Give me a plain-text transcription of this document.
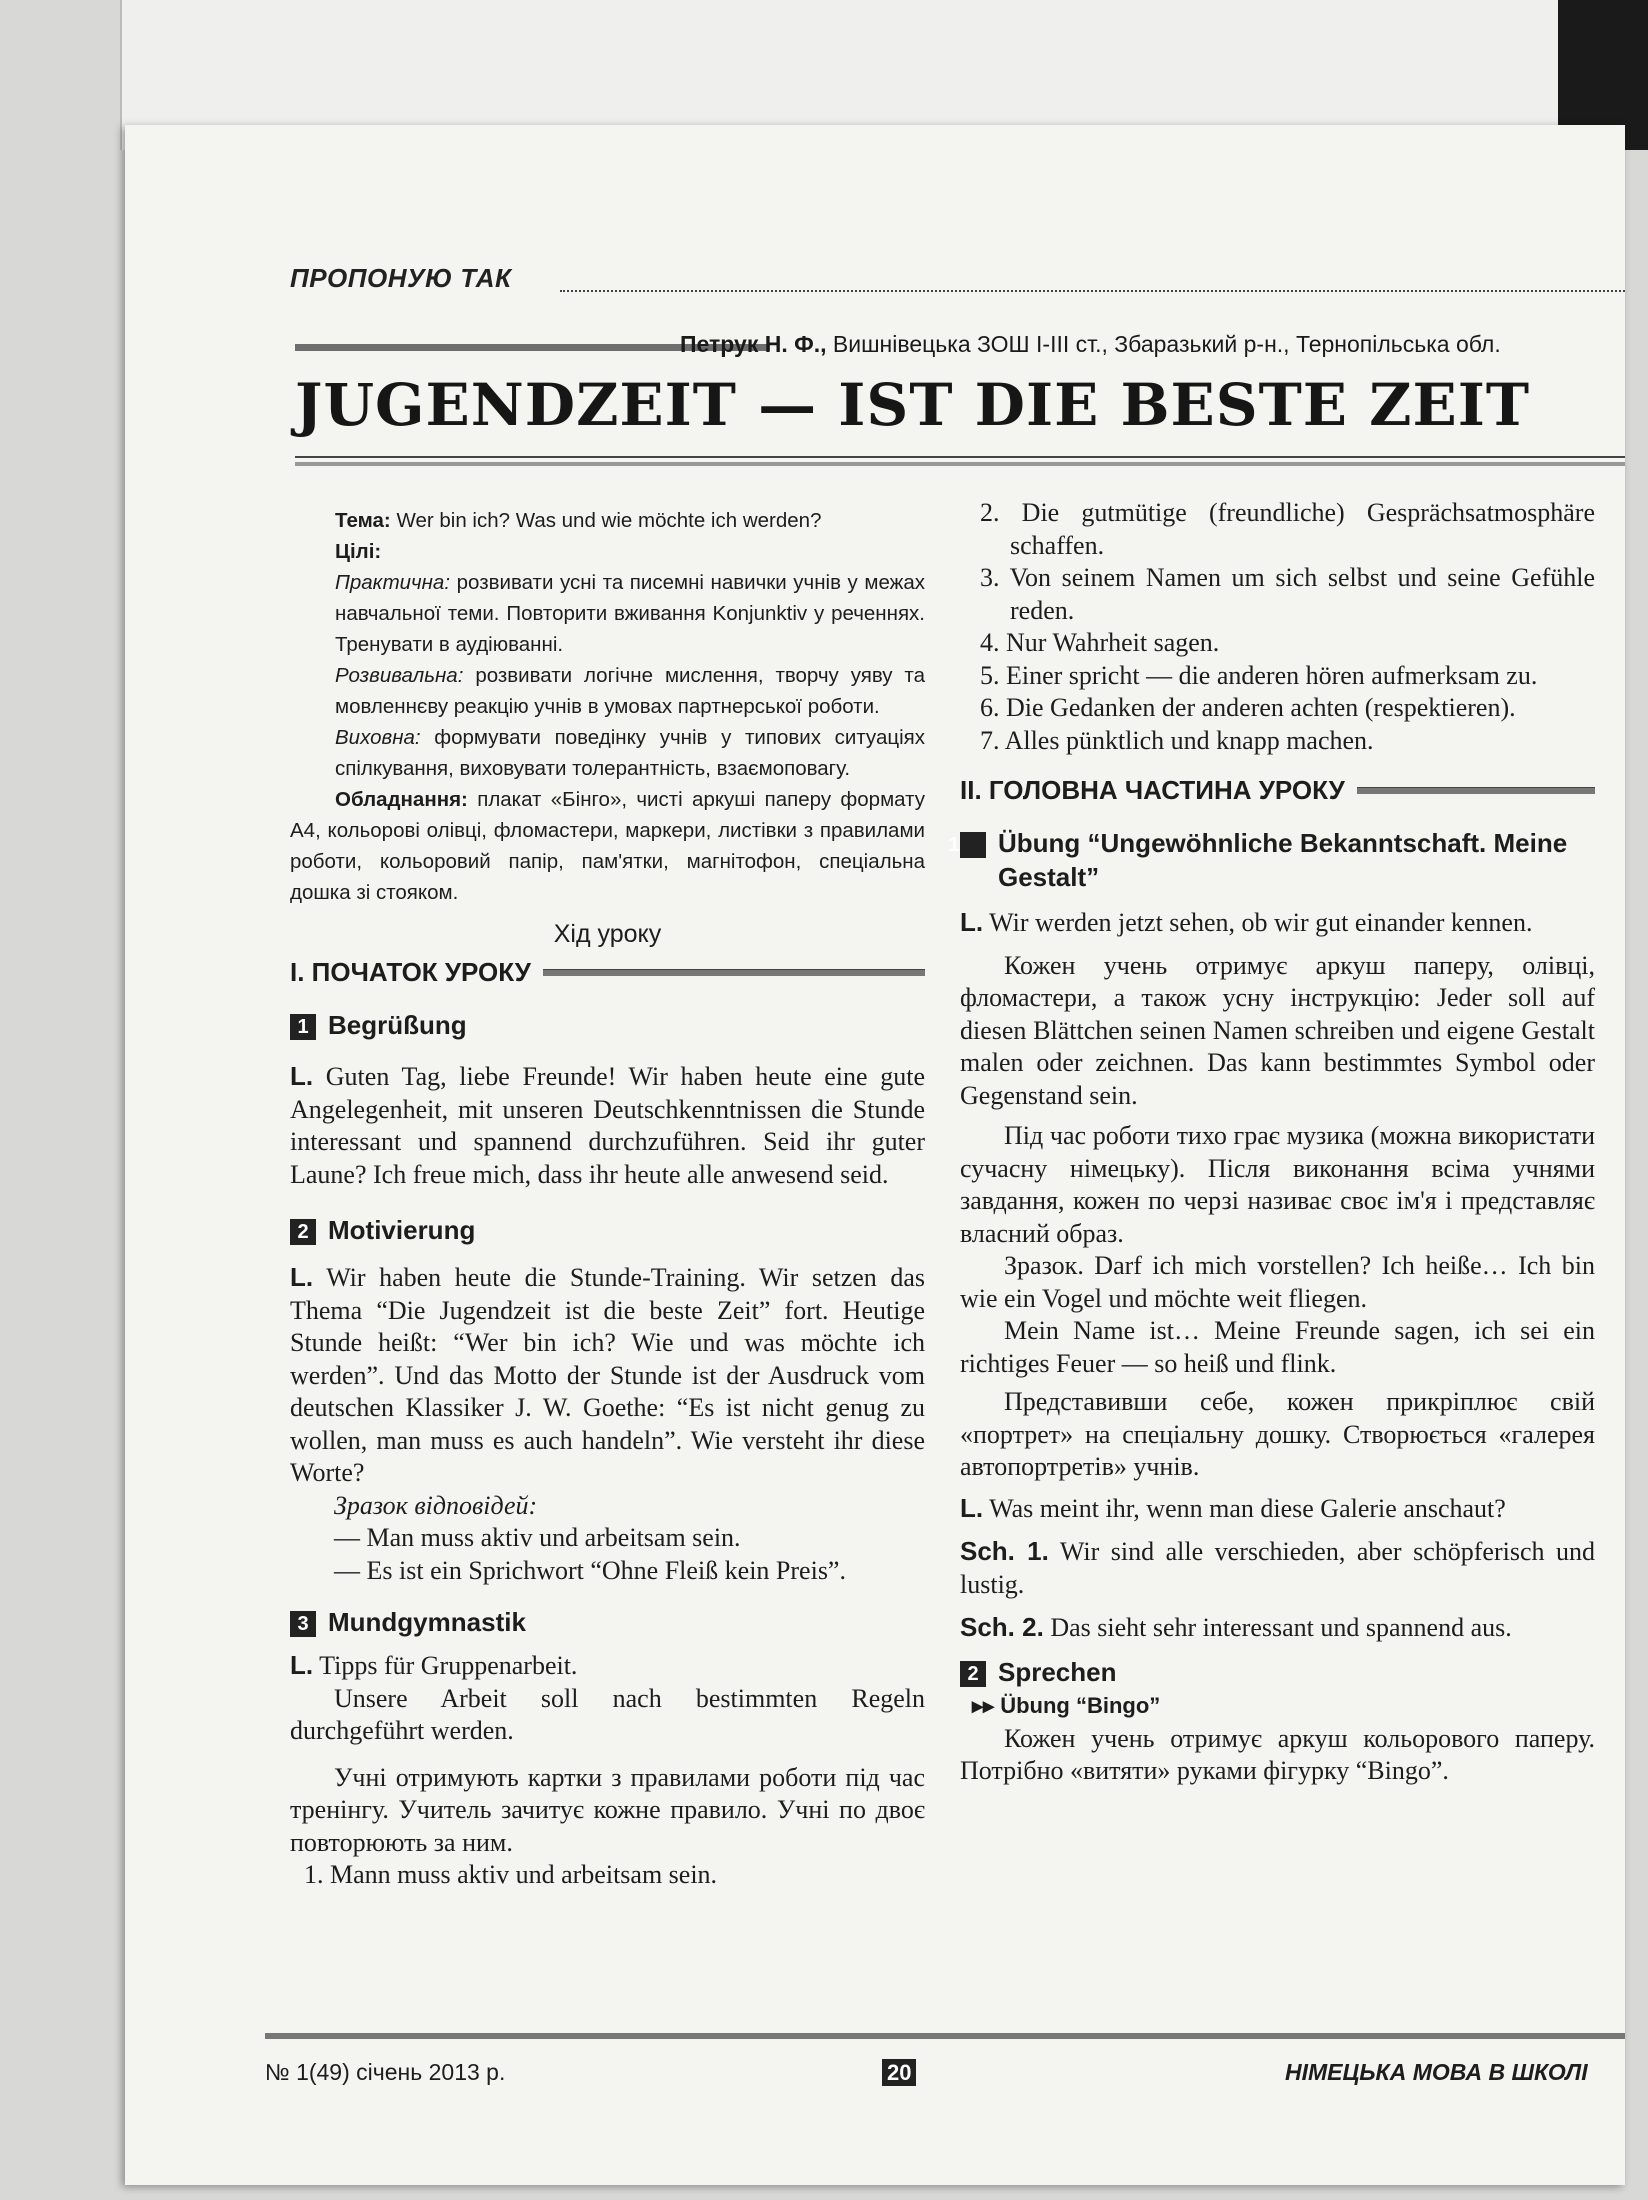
ПРОПОНУЮ ТАК
Петрук Н. Ф., Вишнівецька ЗОШ І-ІІІ ст., Збаразький р-н., Тернопільська обл.
JUGENDZEIT — IST DIE BESTE ZEIT

Тема: Wer bin ich? Was und wie möchte ich werden?

Цілі:

Практична: розвивати усні та писемні навички учнів у межах навчальної теми. Повторити вживання Konjunktiv у реченнях. Тренувати в аудіюванні.

Розвивальна: розвивати логічне мислення, творчу уяву та мовленнєву реакцію учнів в умовах партнерської роботи.

Виховна: формувати поведінку учнів у типових ситуаціях спілкування, виховувати толерантність, взаємоповагу.

Обладнання: плакат «Бінго», чисті аркуші паперу формату А4, кольорові олівці, фломастери, маркери, листівки з правилами роботи, кольоровий папір, пам'ятки, магнітофон, спеціальна дошка зі стояком.

Хід уроку
І. ПОЧАТОК УРОКУ
1 Begrüßung

L. Guten Tag, liebe Freunde! Wir haben heute eine gute Angelegenheit, mit unseren Deutschkenntnissen die Stunde interessant und spannend durchzuführen. Seid ihr guter Laune? Ich freue mich, dass ihr heute alle anwesend seid.

2 Motivierung

L. Wir haben heute die Stunde-Training. Wir setzen das Thema “Die Jugendzeit ist die beste Zeit” fort. Heutige Stunde heißt: “Wer bin ich? Wie und was möchte ich werden”. Und das Motto der Stunde ist der Ausdruck vom deutschen Klassiker J. W. Goethe: “Es ist nicht genug zu wollen, man muss es auch handeln”. Wie versteht ihr diese Worte?

Зразок відповідей:

— Man muss aktiv und arbeitsam sein.

— Es ist ein Sprichwort “Ohne Fleiß kein Preis”.

3 Mundgymnastik

L. Tipps für Gruppenarbeit.

Unsere Arbeit soll nach bestimmten Regeln durchgeführt werden.

Учні отримують картки з правилами роботи під час тренінгу. Учитель зачитує кожне правило. Учні по двоє повторюють за ним.

1. Mann muss aktiv und arbeitsam sein.

2. Die gutmütige (freundliche) Gesprächsatmosphäre schaffen.
3. Von seinem Namen um sich selbst und seine Gefühle reden.
4. Nur Wahrheit sagen.
5. Einer spricht — die anderen hören aufmerksam zu.
6. Die Gedanken der anderen achten (respektieren).
7. Alles pünktlich und knapp machen.
ІІ. ГОЛОВНА ЧАСТИНА УРОКУ
1 Übung “Ungewöhnliche Bekanntschaft. Meine Gestalt”

L. Wir werden jetzt sehen, ob wir gut einander kennen.

Кожен учень отримує аркуш паперу, олівці, фломастери, а також усну інструкцію: Jeder soll auf diesen Blättchen seinen Namen schreiben und eigene Gestalt malen oder zeichnen. Das kann bestimmtes Symbol oder Gegenstand sein.

Під час роботи тихо грає музика (можна використати сучасну німецьку). Після виконання всіма учнями завдання, кожен по черзі називає своє ім'я і представляє власний образ.

Зразок. Darf ich mich vorstellen? Ich heiße… Ich bin wie ein Vogel und möchte weit fliegen.

Mein Name ist… Meine Freunde sagen, ich sei ein richtiges Feuer — so heiß und flink.

Представивши себе, кожен прикріплює свій «портрет» на спеціальну дошку. Створюється «галерея автопортретів» учнів.

L. Was meint ihr, wenn man diese Galerie anschaut?

Sch. 1. Wir sind alle verschieden, aber schöpferisch und lustig.

Sch. 2. Das sieht sehr interessant und spannend aus.

2 Sprechen
▸▸ Übung “Bingo”

Кожен учень отримує аркуш кольорового паперу. Потрібно «витяти» руками фігурку “Bingo”.

№ 1(49) січень 2013 р.	20	НІМЕЦЬКА МОВА В ШКОЛІ
